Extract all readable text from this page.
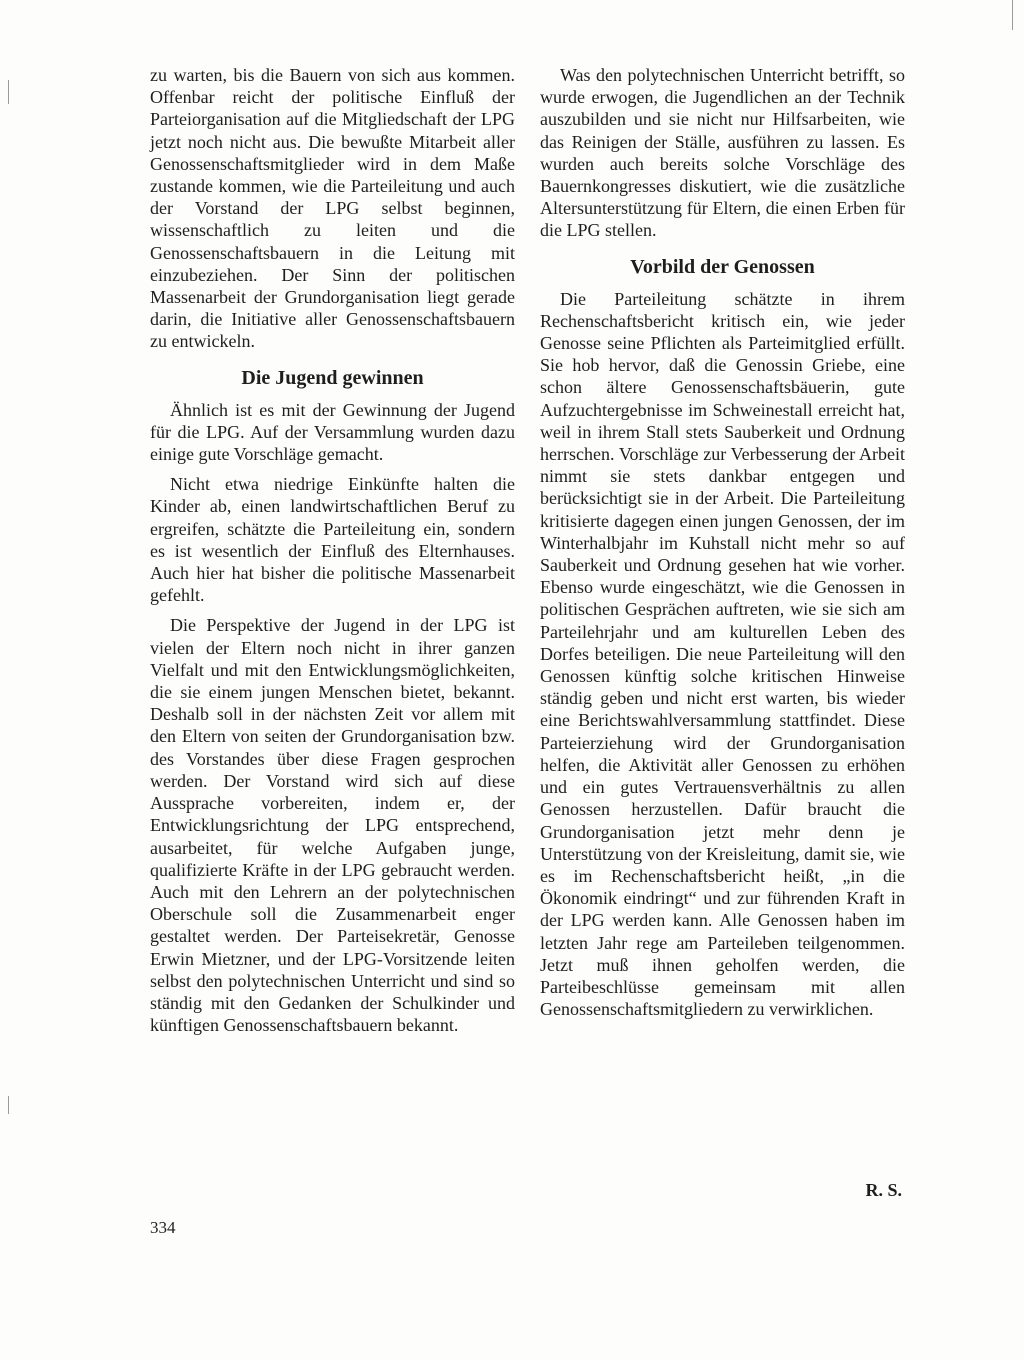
zu warten, bis die Bauern von sich aus kommen. Offenbar reicht der politische Einfluß der Parteiorganisation auf die Mitgliedschaft der LPG jetzt noch nicht aus. Die bewußte Mitarbeit aller Genossenschaftsmitglieder wird in dem Maße zustande kommen, wie die Parteileitung und auch der Vorstand der LPG selbst beginnen, wissenschaftlich zu leiten und die Genossenschaftsbauern in die Leitung mit einzubeziehen. Der Sinn der politischen Massenarbeit der Grundorganisation liegt gerade darin, die Initiative aller Genossenschaftsbauern zu entwickeln.

Die Jugend gewinnen

Ähnlich ist es mit der Gewinnung der Jugend für die LPG. Auf der Versammlung wurden dazu einige gute Vorschläge gemacht.

Nicht etwa niedrige Einkünfte halten die Kinder ab, einen landwirtschaftlichen Beruf zu ergreifen, schätzte die Parteileitung ein, sondern es ist wesentlich der Einfluß des Elternhauses. Auch hier hat bisher die politische Massenarbeit gefehlt.

Die Perspektive der Jugend in der LPG ist vielen der Eltern noch nicht in ihrer ganzen Vielfalt und mit den Entwicklungsmöglichkeiten, die sie einem jungen Menschen bietet, bekannt. Deshalb soll in der nächsten Zeit vor allem mit den Eltern von seiten der Grundorganisation bzw. des Vorstandes über diese Fragen gesprochen werden. Der Vorstand wird sich auf diese Aussprache vorbereiten, indem er, der Entwicklungsrichtung der LPG entsprechend, ausarbeitet, für welche Aufgaben junge, qualifizierte Kräfte in der LPG gebraucht werden. Auch mit den Lehrern an der polytechnischen Oberschule soll die Zusammenarbeit enger gestaltet werden. Der Parteisekretär, Genosse Erwin Mietzner, und der LPG-Vorsitzende leiten selbst den polytechnischen Unterricht und sind so ständig mit den Gedanken der Schulkinder und künftigen Genossenschaftsbauern bekannt.

Was den polytechnischen Unterricht betrifft, so wurde erwogen, die Jugendlichen an der Technik auszubilden und sie nicht nur Hilfsarbeiten, wie das Reinigen der Ställe, ausführen zu lassen. Es wurden auch bereits solche Vorschläge des Bauernkongresses diskutiert, wie die zusätzliche Altersunterstützung für Eltern, die einen Erben für die LPG stellen.

Vorbild der Genossen

Die Parteileitung schätzte in ihrem Rechenschaftsbericht kritisch ein, wie jeder Genosse seine Pflichten als Parteimitglied erfüllt. Sie hob hervor, daß die Genossin Griebe, eine schon ältere Genossenschaftsbäuerin, gute Aufzuchtergebnisse im Schweinestall erreicht hat, weil in ihrem Stall stets Sauberkeit und Ordnung herrschen. Vorschläge zur Verbesserung der Arbeit nimmt sie stets dankbar entgegen und berücksichtigt sie in der Arbeit. Die Parteileitung kritisierte dagegen einen jungen Genossen, der im Winterhalbjahr im Kuhstall nicht mehr so auf Sauberkeit und Ordnung gesehen hat wie vorher. Ebenso wurde eingeschätzt, wie die Genossen in politischen Gesprächen auftreten, wie sie sich am Parteilehrjahr und am kulturellen Leben des Dorfes beteiligen. Die neue Parteileitung will den Genossen künftig solche kritischen Hinweise ständig geben und nicht erst warten, bis wieder eine Berichtswahlversammlung stattfindet. Diese Parteierziehung wird der Grundorganisation helfen, die Aktivität aller Genossen zu erhöhen und ein gutes Vertrauensverhältnis zu allen Genossen herzustellen. Dafür braucht die Grundorganisation jetzt mehr denn je Unterstützung von der Kreisleitung, damit sie, wie es im Rechenschaftsbericht heißt, „in die Ökonomik eindringt“ und zur führenden Kraft in der LPG werden kann. Alle Genossen haben im letzten Jahr rege am Parteileben teilgenommen. Jetzt muß ihnen geholfen werden, die Parteibeschlüsse gemeinsam mit allen Genossenschaftsmitgliedern zu verwirklichen.

R. S.
334
